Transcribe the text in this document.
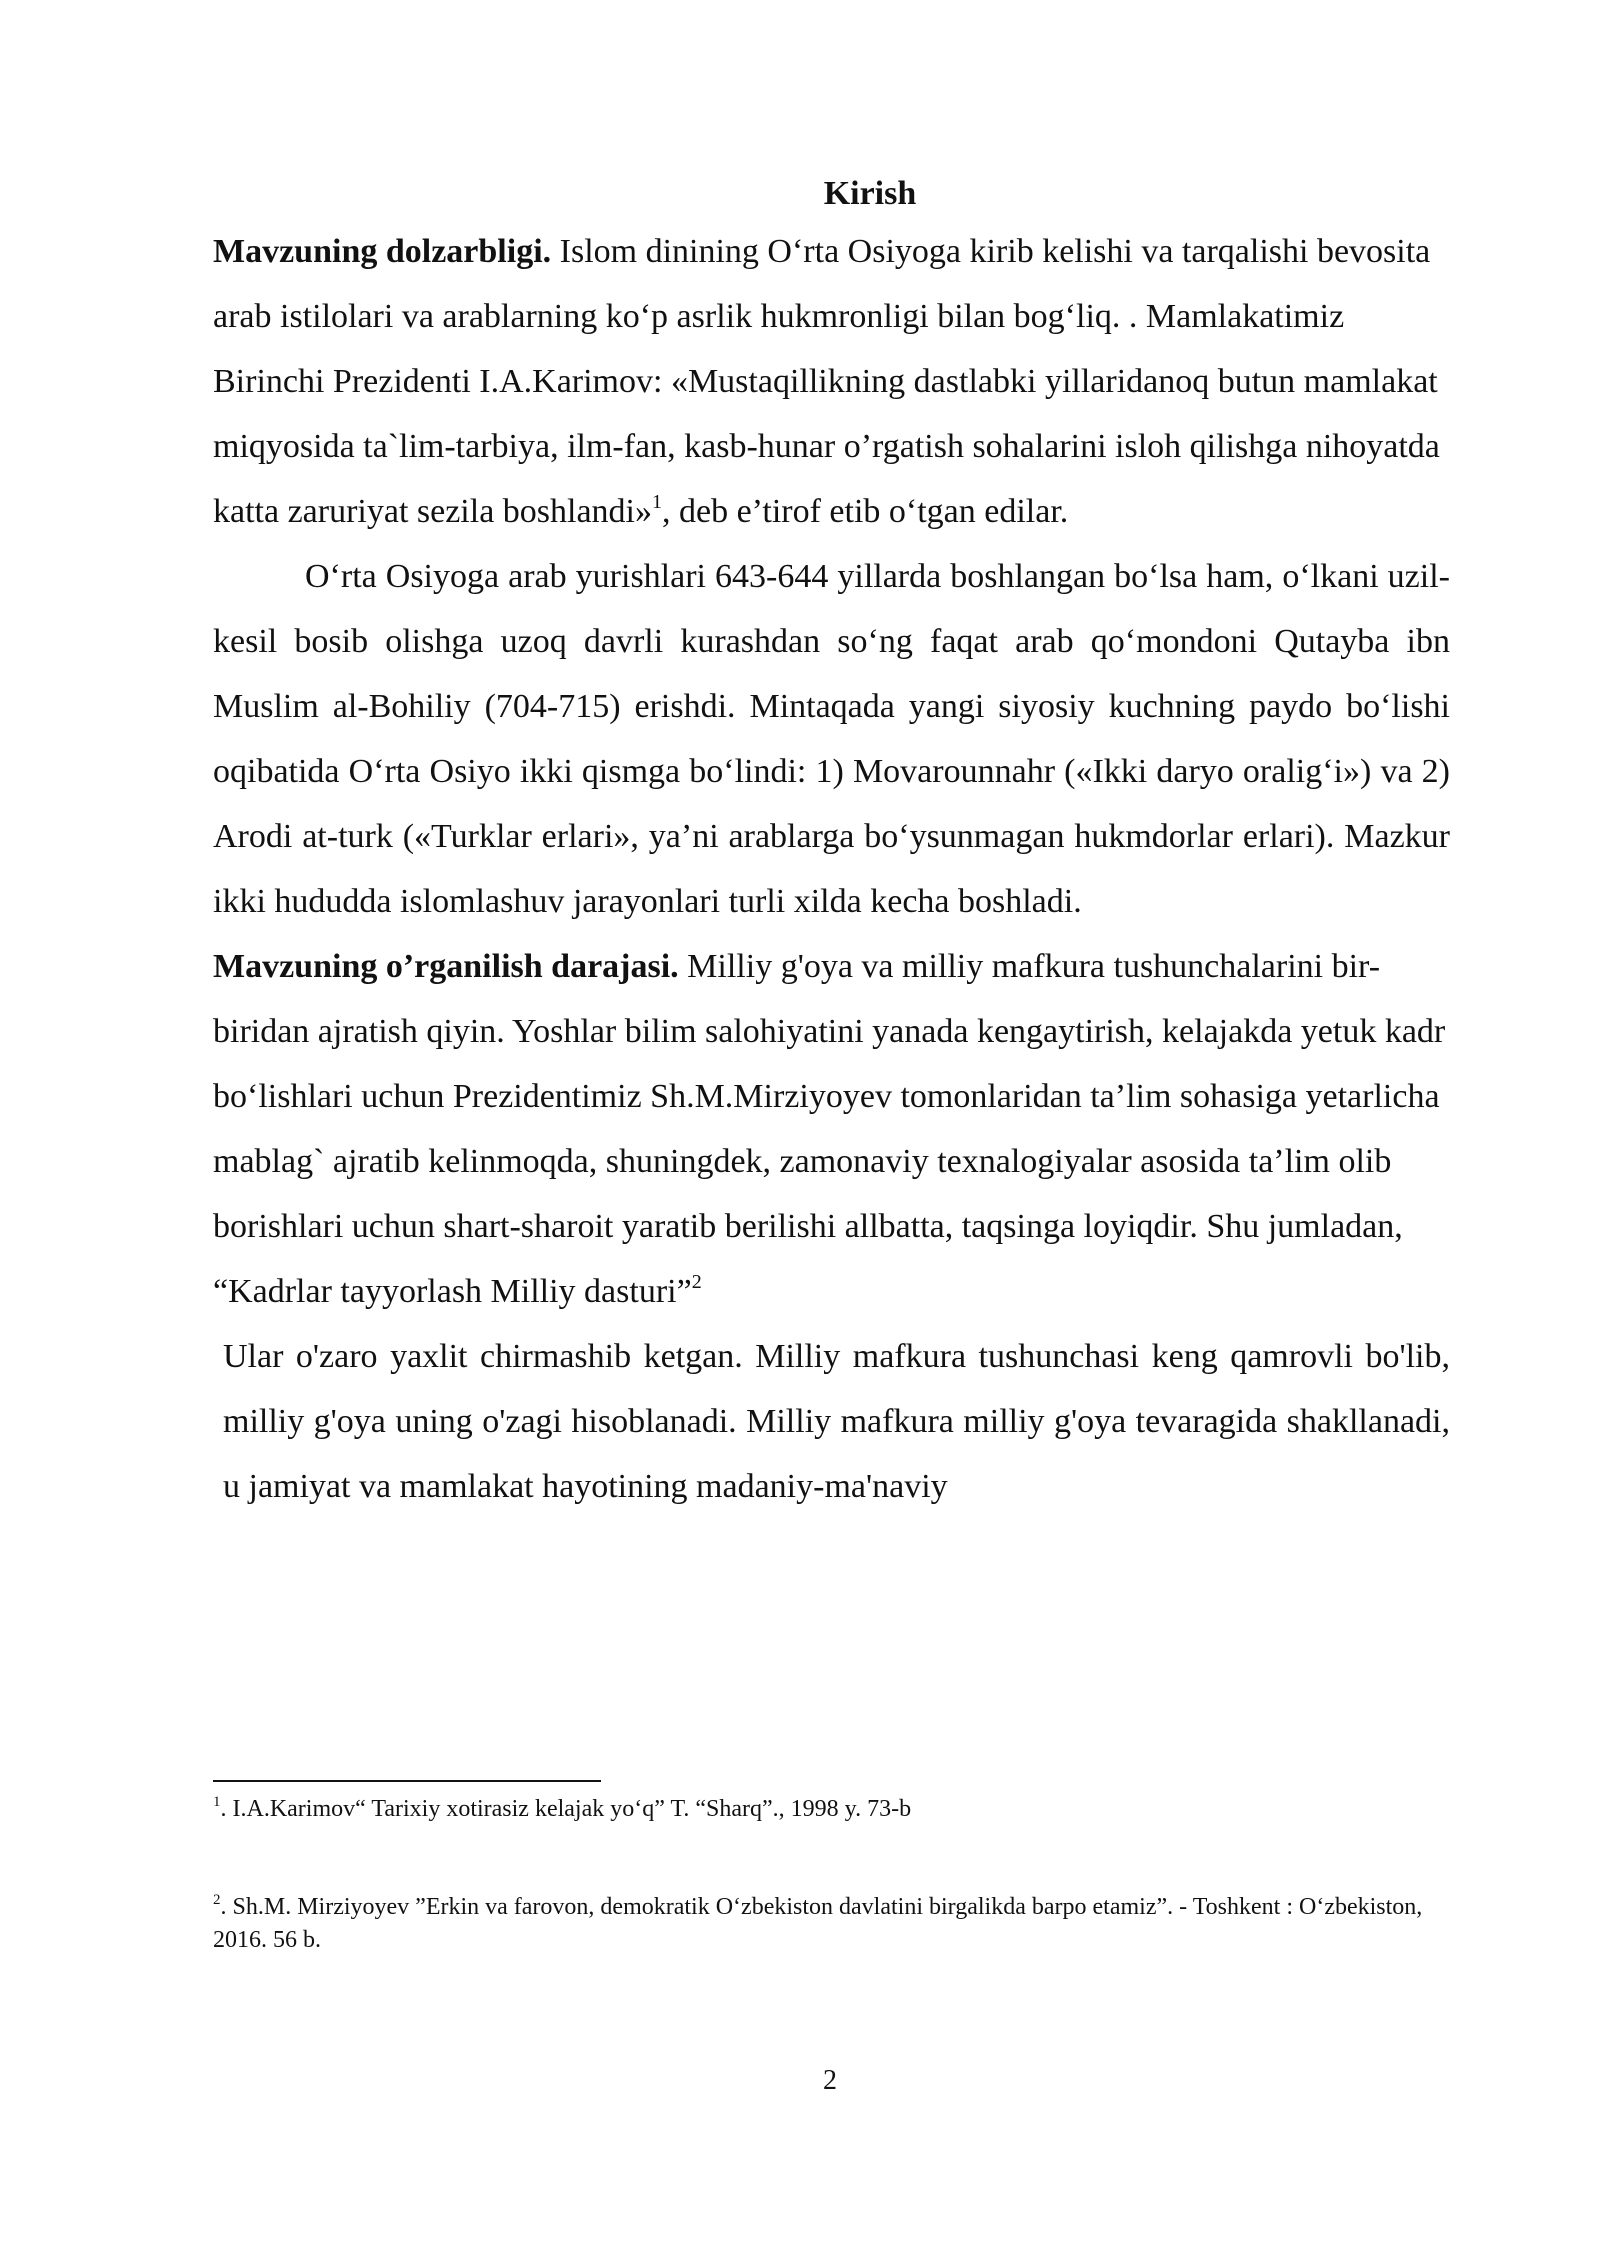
Kirish

Mavzuning dolzarbligi. Islom dinining O‘rta Osiyoga kirib kelishi va tarqalishi bevosita arab istilolari va arablarning ko‘p asrlik hukmronligi bilan bog‘liq. . Mamlakatimiz Birinchi Prezidenti I.A.Karimov: «Mustaqillikning dastlabki yillaridanoq butun mamlakat miqyosida ta`lim-tarbiya, ilm-fan, kasb-hunar o’rgatish sohalarini isloh qilishga nihoyatda katta zaruriyat sezila boshlandi»$^1$, deb e’tirof etib o‘tgan edilar.

O‘rta Osiyoga arab yurishlari 643-644 yillarda boshlangan bo‘lsa ham, o‘lkani uzil-kesil bosib olishga uzoq davrli kurashdan so‘ng faqat arab qo‘mondoni Qutayba ibn Muslim al-Bohiliy (704-715) erishdi. Mintaqada yangi siyosiy kuchning paydo bo‘lishi oqibatida O‘rta Osiyo ikki qismga bo‘lindi: 1) Movarounnahr («Ikki daryo oralig‘i») va 2) Arodi at-turk («Turklar erlari», ya’ni arablarga bo‘ysunmagan hukmdorlar erlari). Mazkur ikki hududda islomlashuv jarayonlari turli xilda kecha boshladi.

Mavzuning o’rganilish darajasi. Milliy g'oya va milliy mafkura tushunchalarini bir-biridan ajratish qiyin. Yoshlar bilim salohiyatini yanada kengaytirish, kelajakda yetuk kadr bo‘lishlari uchun Prezidentimiz Sh.M.Mirziyoyev tomonlaridan ta’lim sohasiga yetarlicha mablag` ajratib kelinmoqda, shuningdek, zamonaviy texnalogiyalar asosida ta’lim olib borishlari uchun shart-sharoit yaratib berilishi allbatta, taqsinga loyiqdir. Shu jumladan, “Kadrlar tayyorlash Milliy dasturi”$^2$

Ular o'zaro yaxlit chirmashib ketgan. Milliy mafkura tushunchasi keng qamrovli bo'lib, milliy g'oya uning o'zagi hisoblanadi. Milliy mafkura milliy g'oya tevaragida shakllanadi, u jamiyat va mamlakat hayotining madaniy-ma'naviy

$^1$. I.A.Karimov“ Tarixiy xotirasiz kelajak yo‘q” T. “Sharq”., 1998 y. 73-b
$^2$. Sh.M. Mirziyoyev ”Erkin va farovon, demokratik O‘zbekiston davlatini birgalikda barpo etamiz”. - Toshkent : O‘zbekiston, 2016. 56 b.
2
